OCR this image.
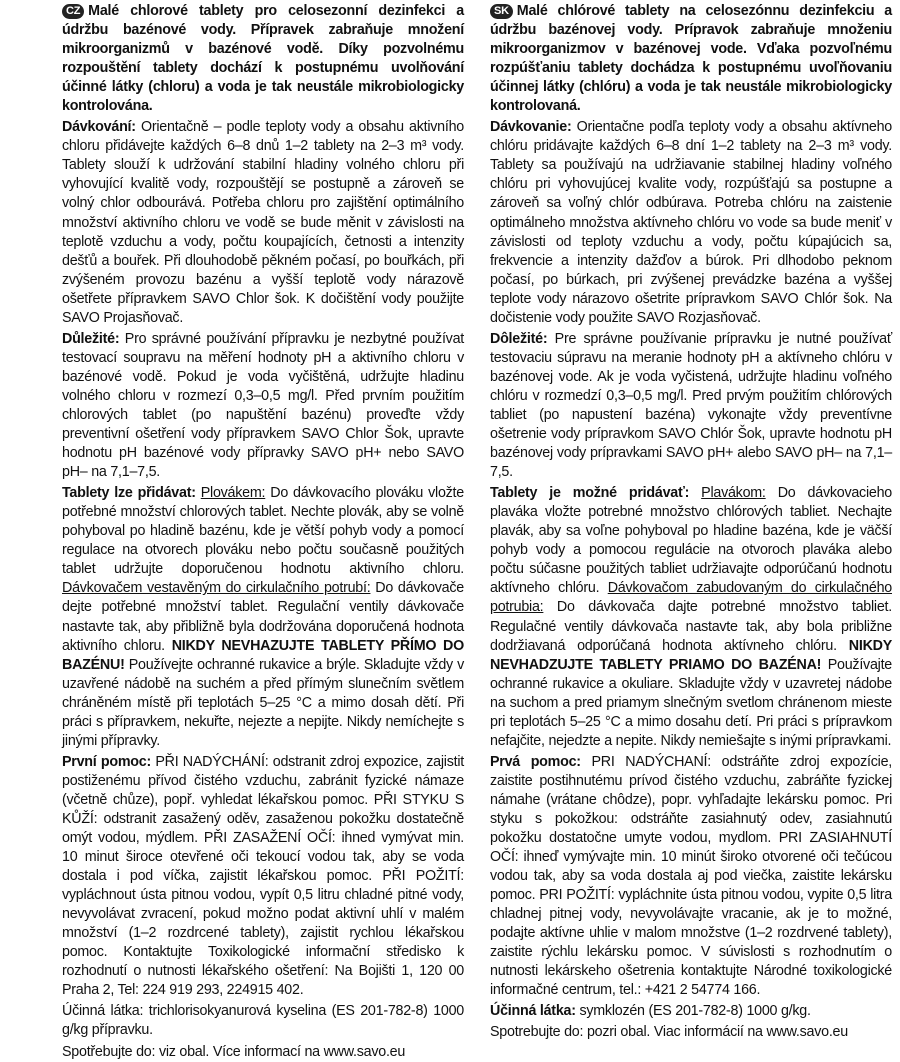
CZ Malé chlorové tablety pro celosezonní dezinfekci a údržbu bazénové vody. Přípravek zabraňuje množení mikroorganizmů v bazénové vodě. Díky pozvolnému rozpouštění tablety dochází k postupnému uvolňování účinné látky (chloru) a voda je tak neustále mikrobiologicky kontrolována.

Dávkování: Orientačně – podle teploty vody a obsahu aktivního chloru přidávejte každých 6–8 dnů 1–2 tablety na 2–3 m³ vody. Tablety slouží k udržování stabilní hladiny volného chloru při vyhovující kvalitě vody, rozpouštějí se postupně a zároveň se volný chlor odbourává. Potřeba chloru pro zajištění optimálního množství aktivního chloru ve vodě se bude měnit v závislosti na teplotě vzduchu a vody, počtu koupajících, četnosti a intenzity dešťů a bouřek. Při dlouhodobě pěkném počasí, po bouřkách, při zvýšeném provozu bazénu a vyšší teplotě vody nárazově ošetřete přípravkem SAVO Chlor šok. K dočištění vody použijte SAVO Projasňovač.

Důležité: Pro správné používání přípravku je nezbytné používat testovací soupravu na měření hodnoty pH a aktivního chloru v bazénové vodě. Pokud je voda vyčištěná, udržujte hladinu volného chloru v rozmezí 0,3–0,5 mg/l. Před prvním použitím chlorových tablet (po napuštění bazénu) proveďte vždy preventivní ošetření vody přípravkem SAVO Chlor Šok, upravte hodnotu pH bazénové vody přípravky SAVO pH+ nebo SAVO pH– na 7,1–7,5.

Tablety lze přidávat: Plovákem: Do dávkovacího plováku vložte potřebné množství chlorových tablet. Nechte plovák, aby se volně pohyboval po hladině bazénu, kde je větší pohyb vody a pomocí regulace na otvorech plováku nebo počtu současně použitých tablet udržujte doporučenou hodnotu aktivního chloru. Dávkovačem vestavěným do cirkulačního potrubí: Do dávkovače dejte potřebné množství tablet. Regulační ventily dávkovače nastavte tak, aby přibližně byla dodržována doporučená hodnota aktivního chloru. NIKDY NEVHAZUJTE TABLETY PŘÍMO DO BAZÉNU! Používejte ochranné rukavice a brýle. Skladujte vždy v uzavřené nádobě na suchém a před přímým slunečním světlem chráněném místě při teplotách 5–25 °C a mimo dosah dětí. Při práci s přípravkem, nekuřte, nejezte a nepijte. Nikdy nemíchejte s jinými přípravky.

První pomoc: PŘI NADÝCHÁNÍ: odstranit zdroj expozice, zajistit postiženému přívod čistého vzduchu, zabránit fyzické námaze (včetně chůze), popř. vyhledat lékařskou pomoc. PŘI STYKU S KŮŽÍ: odstranit zasažený oděv, zasaženou pokožku dostatečně omýt vodou, mýdlem. PŘI ZASAŽENÍ OČÍ: ihned vymývat min. 10 minut široce otevřené oči tekoucí vodou tak, aby se voda dostala i pod víčka, zajistit lékařskou pomoc. PŘI POŽITÍ: vypláchnout ústa pitnou vodou, vypít 0,5 litru chladné pitné vody, nevyvolávat zvracení, pokud možno podat aktivní uhlí v malém množství (1–2 rozdrcené tablety), zajistit rychlou lékařskou pomoc. Kontaktujte Toxikologické informační středisko k rozhodnutí o nutnosti lékařského ošetření: Na Bojišti 1, 120 00 Praha 2, Tel: 224 919 293, 224915 402.

Účinná látka: trichlorisokyanurová kyselina (ES 201-782-8) 1000 g/kg přípravku.

Spotřebujte do: viz obal. Více informací na www.savo.eu

SK Malé chlórové tablety na celosezónnu dezinfekciu a údržbu bazénovej vody. Prípravok zabraňuje množeniu mikroorganizmov v bazénovej vode. Vďaka pozvoľnému rozpúšťaniu tablety dochádza k postupnému uvoľňovaniu účinnej látky (chlóru) a voda je tak neustále mikrobiologicky kontrolovaná.

Dávkovanie: Orientačne podľa teploty vody a obsahu aktívneho chlóru pridávajte každých 6–8 dní 1–2 tablety na 2–3 m³ vody. Tablety sa používajú na udržiavanie stabilnej hladiny voľného chlóru pri vyhovujúcej kvalite vody, rozpúšťajú sa postupne a zároveň sa voľný chlór odbúrava. Potreba chlóru na zaistenie optimálneho množstva aktívneho chlóru vo vode sa bude meniť v závislosti od teploty vzduchu a vody, počtu kúpajúcich sa, frekvencie a intenzity dažďov a búrok. Pri dlhodobo peknom počasí, po búrkach, pri zvýšenej prevádzke bazéna a vyššej teplote vody nárazovo ošetrite prípravkom SAVO Chlór šok. Na dočistenie vody použite SAVO Rozjasňovač.

Dôležité: Pre správne používanie prípravku je nutné používať testovaciu súpravu na meranie hodnoty pH a aktívneho chlóru v bazénovej vode. Ak je voda vyčistená, udržujte hladinu voľného chlóru v rozmedzí 0,3–0,5 mg/l. Pred prvým použitím chlórových tabliet (po napustení bazéna) vykonajte vždy preventívne ošetrenie vody prípravkom SAVO Chlór Šok, upravte hodnotu pH bazénovej vody prípravkami SAVO pH+ alebo SAVO pH– na 7,1–7,5.

Tablety je možné pridávať: Plavákom: Do dávkovacieho plaváka vložte potrebné množstvo chlórových tabliet. Nechajte plavák, aby sa voľne pohyboval po hladine bazéna, kde je väčší pohyb vody a pomocou regulácie na otvoroch plaváka alebo počtu súčasne použitých tabliet udržiavajte odporúčanú hodnotu aktívneho chlóru. Dávkovačom zabudovaným do cirkulačného potrubia: Do dávkovača dajte potrebné množstvo tabliet. Regulačné ventily dávkovača nastavte tak, aby bola približne dodržiavaná odporúčaná hodnota aktívneho chlóru. NIKDY NEVHADZUJTE TABLETY PRIAMO DO BAZÉNA! Používajte ochranné rukavice a okuliare. Skladujte vždy v uzavretej nádobe na suchom a pred priamym slnečným svetlom chránenom mieste pri teplotách 5–25 °C a mimo dosahu detí. Pri práci s prípravkom nefajčite, nejedzte a nepite. Nikdy nemiešajte s inými prípravkami.

Prvá pomoc: PRI NADÝCHANÍ: odstráňte zdroj expozície, zaistite postihnutému prívod čistého vzduchu, zabráňte fyzickej námahe (vrátane chôdze), popr. vyhľadajte lekársku pomoc. Pri styku s pokožkou: odstráňte zasiahnutý odev, zasiahnutú pokožku dostatočne umyte vodou, mydlom. PRI ZASIAHNUTÍ OČÍ: ihneď vymývajte min. 10 minút široko otvorené oči tečúcou vodou tak, aby sa voda dostala aj pod viečka, zaistite lekársku pomoc. PRI POŽITÍ: vypláchnite ústa pitnou vodou, vypite 0,5 litra chladnej pitnej vody, nevyvolávajte vracanie, ak je to možné, podajte aktívne uhlie v malom množstve (1–2 rozdrvené tablety), zaistite rýchlu lekársku pomoc. V súvislosti s rozhodnutím o nutnosti lekárskeho ošetrenia kontaktujte Národné toxikologické informačné centrum, tel.: +421 2 54774 166.

Účinná látka: symklozén (ES 201-782-8) 1000 g/kg.

Spotrebujte do: pozri obal. Viac informácií na www.savo.eu
